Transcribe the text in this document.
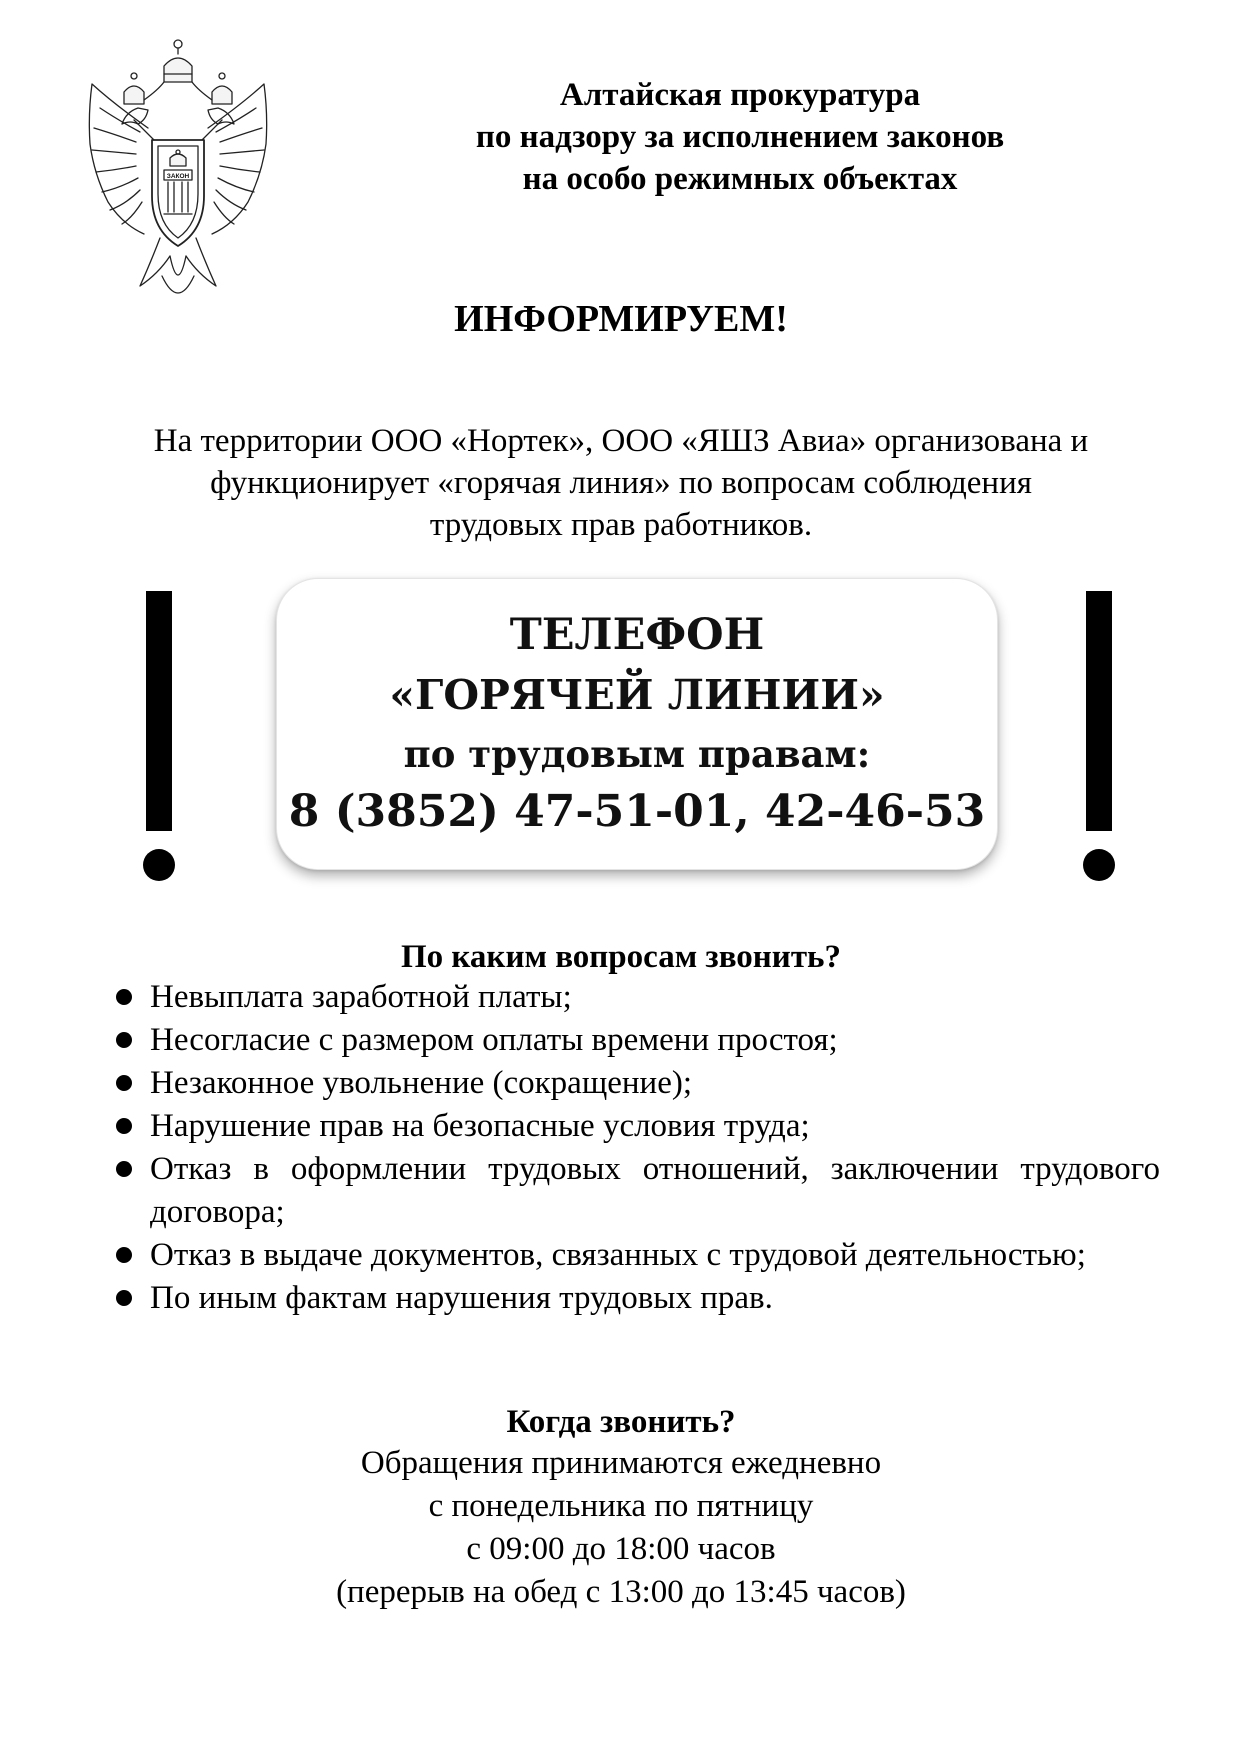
ЗАКОН
Алтайская прокуратура
по надзору за исполнением законов
на особо режимных объектах
ИНФОРМИРУЕМ!
На территории ООО «Нортек», ООО «ЯШЗ Авиа» организована и
функционирует «горячая линия» по вопросам соблюдения
трудовых прав работников.
ТЕЛЕФОН
«ГОРЯЧЕЙ ЛИНИИ»
по трудовым правам:
8 (3852) 47-51-01, 42-46-53
По каким вопросам звонить?
Невыплата заработной платы;
Несогласие с размером оплаты времени простоя;
Незаконное увольнение (сокращение);
Нарушение прав на безопасные условия труда;
Отказ в оформлении трудовых отношений, заключении трудового договора;
Отказ в выдаче документов, связанных с трудовой деятельностью;
По иным фактам нарушения трудовых прав.
Когда звонить?
Обращения принимаются ежедневно
с понедельника по пятницу
с 09:00 до 18:00 часов
(перерыв на обед с 13:00 до 13:45 часов)
